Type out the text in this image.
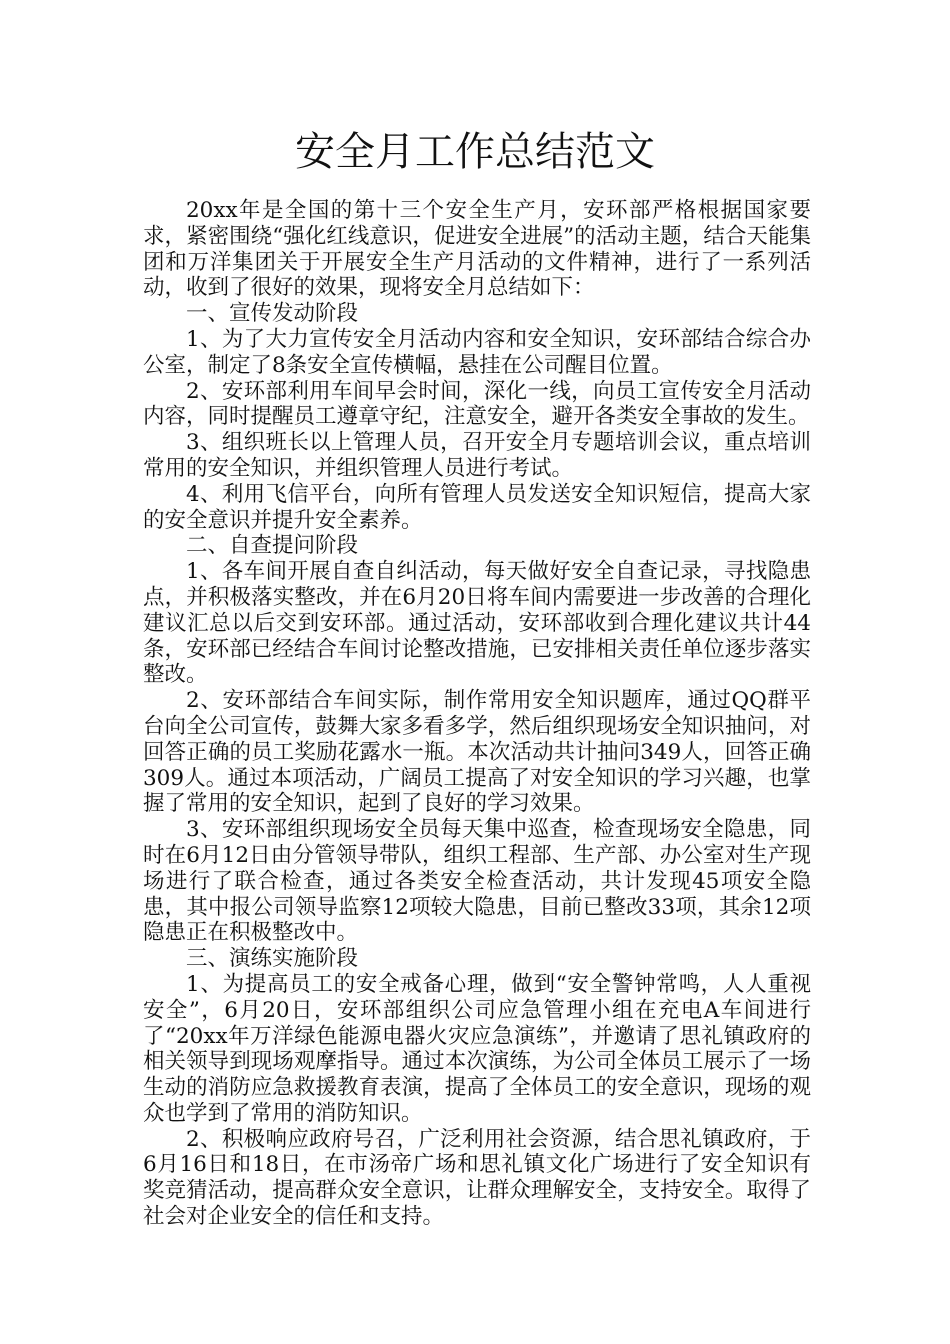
安全月工作总结范文

20xx年是全国的第十三个安全生产月，安环部严格根据国家要求，紧密围绕“强化红线意识，促进安全进展”的活动主题，结合天能集团和万洋集团关于开展安全生产月活动的文件精神，进行了一系列活动，收到了很好的效果，现将安全月总结如下：

一、宣传发动阶段

1、为了大力宣传安全月活动内容和安全知识，安环部结合综合办公室，制定了8条安全宣传横幅，悬挂在公司醒目位置。

2、安环部利用车间早会时间，深化一线，向员工宣传安全月活动内容，同时提醒员工遵章守纪，注意安全，避开各类安全事故的发生。

3、组织班长以上管理人员，召开安全月专题培训会议，重点培训常用的安全知识，并组织管理人员进行考试。

4、利用飞信平台，向所有管理人员发送安全知识短信，提高大家的安全意识并提升安全素养。

二、自查提问阶段

1、各车间开展自查自纠活动，每天做好安全自查记录，寻找隐患点，并积极落实整改，并在6月20日将车间内需要进一步改善的合理化建议汇总以后交到安环部。通过活动，安环部收到合理化建议共计44条，安环部已经结合车间讨论整改措施，已安排相关责任单位逐步落实整改。

2、安环部结合车间实际，制作常用安全知识题库，通过QQ群平台向全公司宣传，鼓舞大家多看多学，然后组织现场安全知识抽问，对回答正确的员工奖励花露水一瓶。本次活动共计抽问349人，回答正确309人。通过本项活动，广阔员工提高了对安全知识的学习兴趣，也掌握了常用的安全知识，起到了良好的学习效果。

3、安环部组织现场安全员每天集中巡查，检查现场安全隐患，同时在6月12日由分管领导带队，组织工程部、生产部、办公室对生产现场进行了联合检查，通过各类安全检查活动，共计发现45项安全隐患，其中报公司领导监察12项较大隐患，目前已整改33项，其余12项隐患正在积极整改中。

三、演练实施阶段

1、为提高员工的安全戒备心理，做到“安全警钟常鸣，人人重视安全”，6月20日，安环部组织公司应急管理小组在充电A车间进行了“20xx年万洋绿色能源电器火灾应急演练”，并邀请了思礼镇政府的相关领导到现场观摩指导。通过本次演练，为公司全体员工展示了一场生动的消防应急救援教育表演，提高了全体员工的安全意识，现场的观众也学到了常用的消防知识。

2、积极响应政府号召，广泛利用社会资源，结合思礼镇政府，于6月16日和18日，在市汤帝广场和思礼镇文化广场进行了安全知识有奖竞猜活动，提高群众安全意识，让群众理解安全，支持安全。取得了社会对企业安全的信任和支持。
